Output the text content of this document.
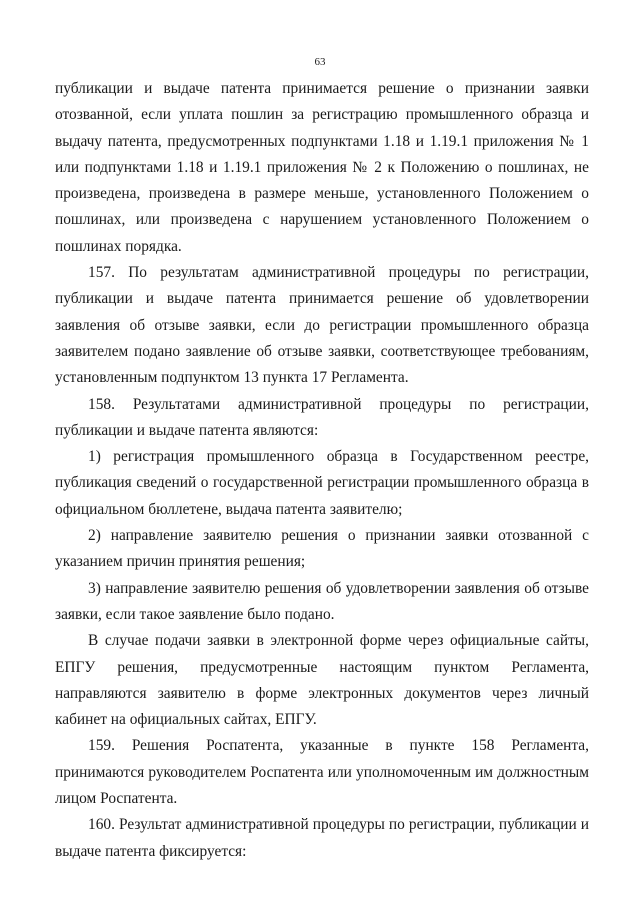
63

публикации и выдаче патента принимается решение о признании заявки отозванной, если уплата пошлин за регистрацию промышленного образца и выдачу патента, предусмотренных подпунктами 1.18 и 1.19.1 приложения № 1 или подпунктами 1.18 и 1.19.1 приложения № 2 к Положению о пошлинах, не произведена, произведена в размере меньше, установленного Положением о пошлинах, или произведена с нарушением установленного Положением о пошлинах порядка.

157. По результатам административной процедуры по регистрации, публикации и выдаче патента принимается решение об удовлетворении заявления об отзыве заявки, если до регистрации промышленного образца заявителем подано заявление об отзыве заявки, соответствующее требованиям, установленным подпунктом 13 пункта 17 Регламента.

158. Результатами административной процедуры по регистрации, публикации и выдаче патента являются:

1) регистрация промышленного образца в Государственном реестре, публикация сведений о государственной регистрации промышленного образца в официальном бюллетене, выдача патента заявителю;

2) направление заявителю решения о признании заявки отозванной с указанием причин принятия решения;

3) направление заявителю решения об удовлетворении заявления об отзыве заявки, если такое заявление было подано.

В случае подачи заявки в электронной форме через официальные сайты, ЕПГУ решения, предусмотренные настоящим пунктом Регламента, направляются заявителю в форме электронных документов через личный кабинет на официальных сайтах, ЕПГУ.

159. Решения Роспатента, указанные в пункте 158 Регламента, принимаются руководителем Роспатента или уполномоченным им должностным лицом Роспатента.

160. Результат административной процедуры по регистрации, публикации и выдаче патента фиксируется:
